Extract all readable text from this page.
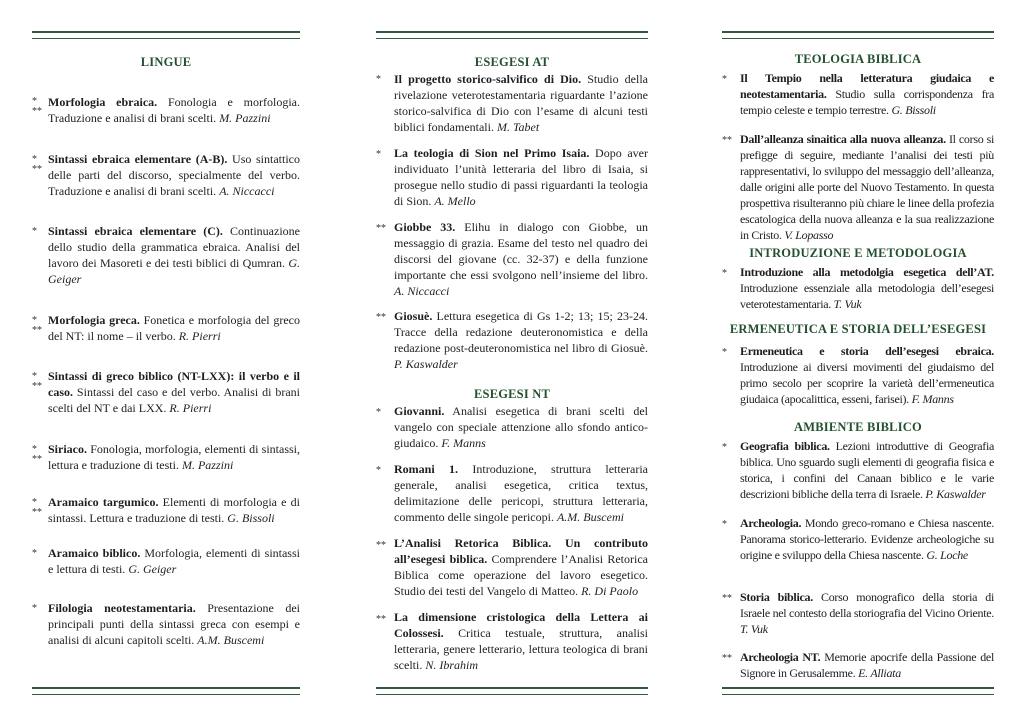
LINGUE
*
**
Morfologia ebraica. Fonologia e morfologia. Traduzione e analisi di brani scelti. M. Pazzini
*
**
Sintassi ebraica elementare (A-B). Uso sintattico delle parti del discorso, specialmente del verbo. Traduzione e analisi di brani scelti. A. Niccacci
* Sintassi ebraica elementare (C). Continuazione dello studio della grammatica ebraica. Analisi del lavoro dei Masoreti e dei testi biblici di Qumran. G. Geiger
*
**
Morfologia greca. Fonetica e morfologia del greco del NT: il nome – il verbo. R. Pierri
*
**
Sintassi di greco biblico (NT-LXX): il verbo e il caso. Sintassi del caso e del verbo. Analisi di brani scelti del NT e dai LXX. R. Pierri
*
**
Siriaco. Fonologia, morfologia, elementi di sintassi, lettura e traduzione di testi. M. Pazzini
*
**
Aramaico targumico. Elementi di morfologia e di sintassi. Lettura e traduzione di testi. G. Bissoli
* Aramaico biblico. Morfologia, elementi di sintassi e lettura di testi. G. Geiger
* Filologia neotestamentaria. Presentazione dei principali punti della sintassi greca con esempi e analisi di alcuni capitoli scelti. A.M. Buscemi
ESEGESI AT
* Il progetto storico-salvifico di Dio. Studio della rivelazione veterotestamentaria riguardante l’azione storico-salvifica di Dio con l’esame di alcuni testi biblici fondamentali. M. Tabet
* La teologia di Sion nel Primo Isaia. Dopo aver individuato l’unità letteraria del libro di Isaia, si prosegue nello studio di passi riguardanti la teologia di Sion. A. Mello
** Giobbe 33. Elihu in dialogo con Giobbe, un messaggio di grazia. Esame del testo nel quadro dei discorsi del giovane (cc. 32-37) e della funzione importante che essi svolgono nell’insieme del libro. A. Niccacci
** Giosuè. Lettura esegetica di Gs 1-2; 13; 15; 23-24. Tracce della redazione deuteronomistica e della redazione post-deuteronomistica nel libro di Giosuè. P. Kaswalder
ESEGESI NT
* Giovanni. Analisi esegetica di brani scelti del vangelo con speciale attenzione allo sfondo antico-giudaico. F. Manns
* Romani 1. Introduzione, struttura letteraria generale, analisi esegetica, critica textus, delimitazione delle pericopi, struttura letteraria, commento delle singole pericopi. A.M. Buscemi
** L’Analisi Retorica Biblica. Un contributo all’esegesi biblica. Comprendere l’Analisi Retorica Biblica come operazione del lavoro esegetico. Studio dei testi del Vangelo di Matteo. R. Di Paolo
** La dimensione cristologica della Lettera ai Colossesi. Critica testuale, struttura, analisi letteraria, genere letterario, lettura teologica di brani scelti. N. Ibrahim
TEOLOGIA BIBLICA
* Il Tempio nella letteratura giudaica e neotestamentaria. Studio sulla corrispondenza fra tempio celeste e tempio terrestre. G. Bissoli
** Dall’alleanza sinaitica alla nuova alleanza. Il corso si prefigge di seguire, mediante l’analisi dei testi più rappresentativi, lo sviluppo del messaggio dell’alleanza, dalle origini alle porte del Nuovo Testamento. In questa prospettiva risulteranno più chiare le linee della profezia escatologica della nuova alleanza e la sua realizzazione in Cristo. V. Lopasso
INTRODUZIONE E METODOLOGIA
* Introduzione alla metodolgia esegetica dell’AT. Introduzione essenziale alla metodologia dell’esegesi veterotestamentaria. T. Vuk
ERMENEUTICA E STORIA DELL’ESEGESI
* Ermeneutica e storia dell’esegesi ebraica. Introduzione ai diversi movimenti del giudaismo del primo secolo per scoprire la varietà dell’ermeneutica giudaica (apocalittica, esseni, farisei). F. Manns
AMBIENTE BIBLICO
* Geografia biblica. Lezioni introduttive di Geografia biblica. Uno sguardo sugli elementi di geografia fisica e storica, i confini del Canaan biblico e le varie descrizioni bibliche della terra di Israele. P. Kaswalder
* Archeologia. Mondo greco-romano e Chiesa nascente. Panorama storico-letterario. Evidenze archeologiche su origine e sviluppo della Chiesa nascente. G. Loche
** Storia biblica. Corso monografico della storia di Israele nel contesto della storiografia del Vicino Oriente. T. Vuk
** Archeologia NT. Memorie apocrife della Passione del Signore in Gerusalemme. E. Alliata
